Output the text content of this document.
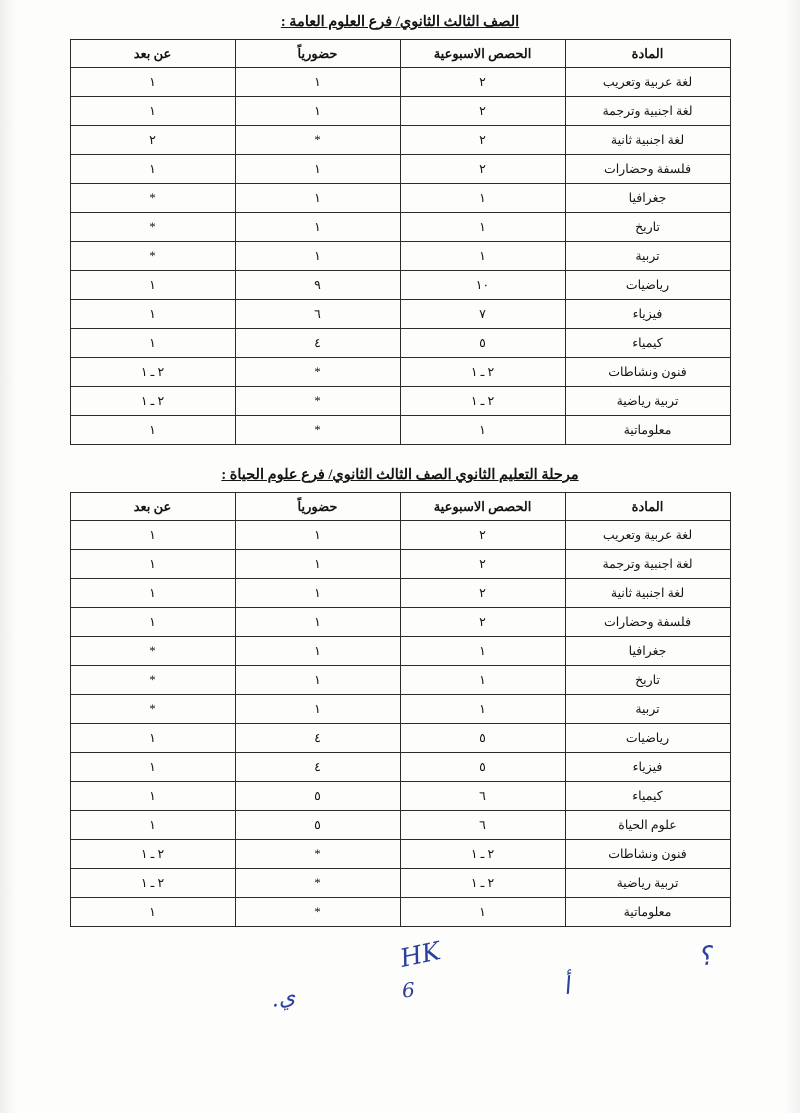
الصف الثالث الثانوي/ فرع العلوم العامة :
المادة	الحصص الاسبوعية	حضورياً	عن بعد
لغة عربية وتعريب	٢	١	١
لغة اجنبية وترجمة	٢	١	١
لغة اجنبية ثانية	٢	*	٢
فلسفة وحضارات	٢	١	١
جغرافيا	١	١	*
تاريخ	١	١	*
تربية	١	١	*
رياضيات	١٠	٩	١
فيزياء	٧	٦	١
كيمياء	٥	٤	١
فنون ونشاطات	٢ ـ ١	*	٢ ـ ١
تربية رياضية	٢ ـ ١	*	٢ ـ ١
معلوماتية	١	*	١
مرحلة التعليم الثانوي الصف الثالث الثانوي/ فرع علوم الحياة :
المادة	الحصص الاسبوعية	حضورياً	عن بعد
لغة عربية وتعريب	٢	١	١
لغة اجنبية وترجمة	٢	١	١
لغة اجنبية ثانية	٢	١	١
فلسفة وحضارات	٢	١	١
جغرافيا	١	١	*
تاريخ	١	١	*
تربية	١	١	*
رياضيات	٥	٤	١
فيزياء	٥	٤	١
كيمياء	٦	٥	١
علوم الحياة	٦	٥	١
فنون ونشاطات	٢ ـ ١	*	٢ ـ ١
تربية رياضية	٢ ـ ١	*	٢ ـ ١
معلوماتية	١	*	١
؟
HK
6	أ
ي.
